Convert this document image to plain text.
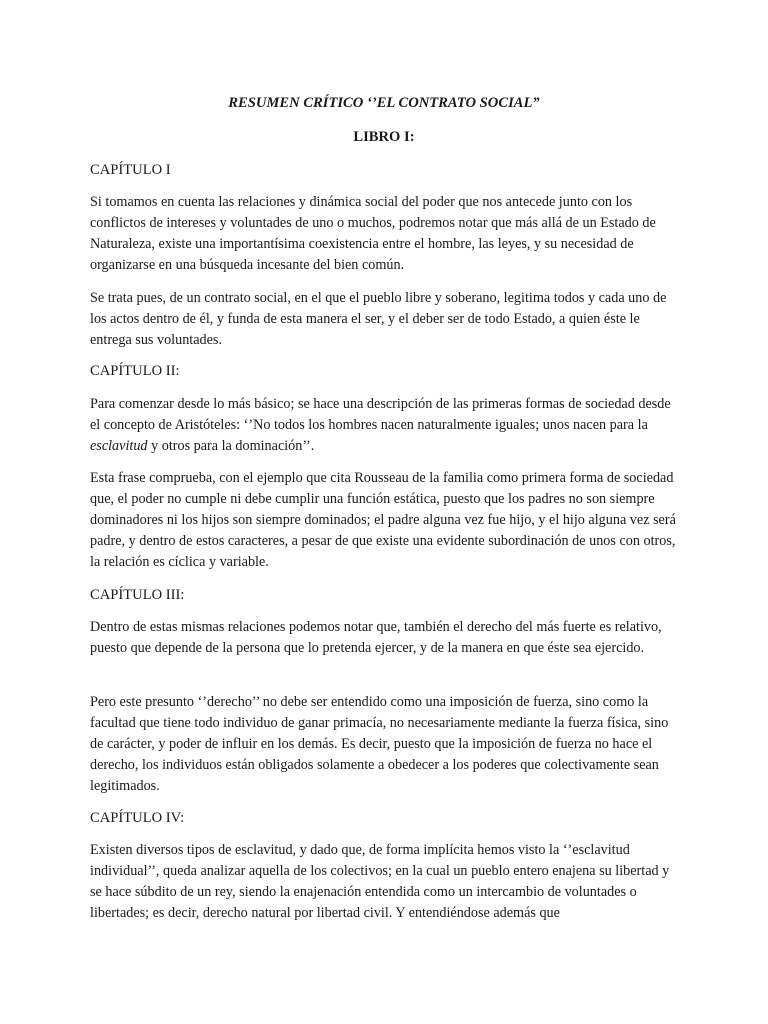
RESUMEN CRÍTICO ‘’EL CONTRATO SOCIAL”
LIBRO I:

CAPÍTULO I

Si tomamos en cuenta las relaciones y dinámica social del poder que nos antecede junto con los conflictos de intereses y voluntades de uno o muchos, podremos notar que más allá de un Estado de Naturaleza, existe una importantísima coexistencia entre el hombre, las leyes, y su necesidad de organizarse en una búsqueda incesante del bien común.

Se trata pues, de un contrato social, en el que el pueblo libre y soberano, legitima todos y cada uno de los actos dentro de él, y funda de esta manera el ser, y el deber ser de todo Estado, a quien éste le entrega sus voluntades.

CAPÍTULO II:

Para comenzar desde lo más básico; se hace una descripción de las primeras formas de sociedad desde el concepto de Aristóteles: ‘’No todos los hombres nacen naturalmente iguales; unos nacen para la esclavitud y otros para la dominación’’.

Esta frase comprueba, con el ejemplo que cita Rousseau de la familia como primera forma de sociedad que, el poder no cumple ni debe cumplir una función estática, puesto que los padres no son siempre dominadores ni los hijos son siempre dominados; el padre alguna vez fue hijo, y el hijo alguna vez será padre, y dentro de estos caracteres, a pesar de que existe una evidente subordinación de unos con otros, la relación es cíclica y variable.

CAPÍTULO III:

Dentro de estas mismas relaciones podemos notar que, también el derecho del más fuerte es relativo, puesto que depende de la persona que lo pretenda ejercer, y de la manera en que éste sea ejercido.

Pero este presunto ‘’derecho’’ no debe ser entendido como una imposición de fuerza, sino como la facultad que tiene todo individuo de ganar primacía, no necesariamente mediante la fuerza física, sino de carácter, y poder de influir en los demás. Es decir, puesto que la imposición de fuerza no hace el derecho, los individuos están obligados solamente a obedecer a los poderes que colectivamente sean legitimados.

CAPÍTULO IV:

Existen diversos tipos de esclavitud, y dado que, de forma implícita hemos visto la ‘’esclavitud individual’’, queda analizar aquella de los colectivos; en la cual un pueblo entero enajena su libertad y se hace súbdito de un rey, siendo la enajenación entendida como un intercambio de voluntades o libertades; es decir, derecho natural por libertad civil. Y entendiéndose además que
